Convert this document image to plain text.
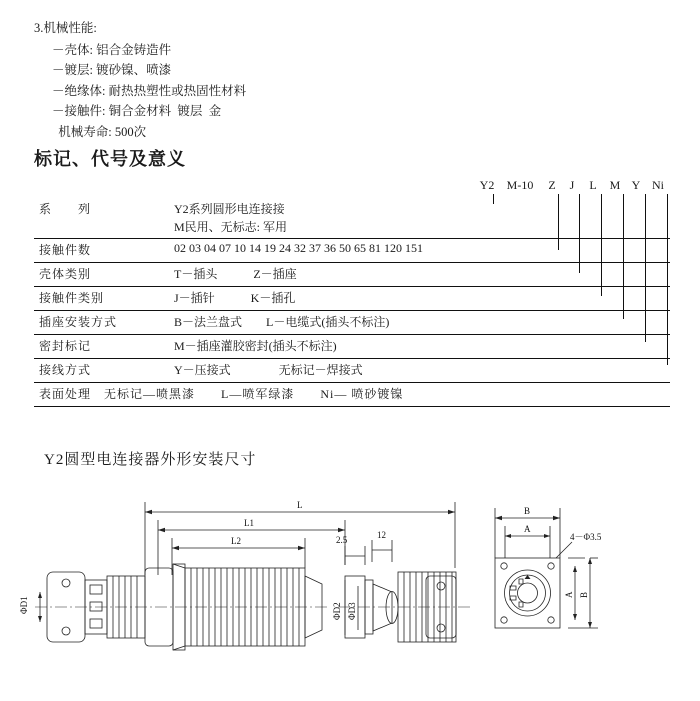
3.机械性能:
－壳体: 铝合金铸造件
－镀层: 镀砂镍、喷漆
－绝缘体: 耐热热塑性或热固性材料
－接触件: 铜合金材料  镀层  金
机械寿命: 500次
标记、代号及意义
Y2 M-10 Z J L M Y Ni
系　　列	Y2系列圆形电连接接
M民用、无标志: 军用
接触件数	02 03 04 07 10 14 19 24 32 37 36 50 65 81 120 151
壳体类别	T－插头　　　Z－插座
接触件类别	J－插针　　　K－插孔
插座安装方式	B－法兰盘式　　L－电缆式(插头不标注)
密封标记	M－插座灌胶密封(插头不标注)
接线方式	Y－压接式　　　　无标记－焊接式
表面处理　无标记—喷黑漆　　L—喷军绿漆　　Ni— 喷砂镀镍
Y2圆型电连接器外形安装尺寸
L
L1
L2	2.5	12
B
A
4－Φ3.5
ΦD1	ΦD2 ΦD3
A B
